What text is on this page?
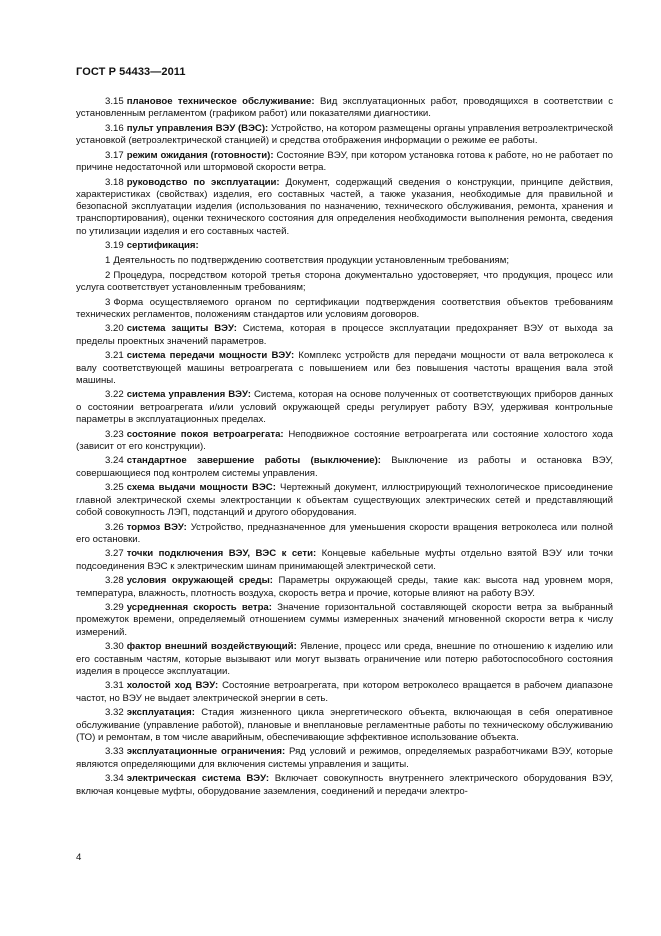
ГОСТ Р 54433—2011

3.15 плановое техническое обслуживание: Вид эксплуатационных работ, проводящихся в соответствии с установленным регламентом (графиком работ) или показателями диагностики.

3.16 пульт управления ВЭУ (ВЭС): Устройство, на котором размещены органы управления ветроэлектрической установкой (ветроэлектрической станцией) и средства отображения информации о режиме ее работы.

3.17 режим ожидания (готовности): Состояние ВЭУ, при котором установка готова к работе, но не работает по причине недостаточной или штормовой скорости ветра.

3.18 руководство по эксплуатации: Документ, содержащий сведения о конструкции, принципе действия, характеристиках (свойствах) изделия, его составных частей, а также указания, необходимые для правильной и безопасной эксплуатации изделия (использования по назначению, технического обслуживания, ремонта, хранения и транспортирования), оценки технического состояния для определения необходимости выполнения ремонта, сведения по утилизации изделия и его составных частей.

3.19 сертификация:

1 Деятельность по подтверждению соответствия продукции установленным требованиям;

2 Процедура, посредством которой третья сторона документально удостоверяет, что продукция, процесс или услуга соответствует установленным требованиям;

3 Форма осуществляемого органом по сертификации подтверждения соответствия объектов требованиям технических регламентов, положениям стандартов или условиям договоров.

3.20 система защиты ВЭУ: Система, которая в процессе эксплуатации предохраняет ВЭУ от выхода за пределы проектных значений параметров.

3.21 система передачи мощности ВЭУ: Комплекс устройств для передачи мощности от вала ветроколеса к валу соответствующей машины ветроагрегата с повышением или без повышения частоты вращения вала этой машины.

3.22 система управления ВЭУ: Система, которая на основе полученных от соответствующих приборов данных о состоянии ветроагрегата и/или условий окружающей среды регулирует работу ВЭУ, удерживая контрольные параметры в эксплуатационных пределах.

3.23 состояние покоя ветроагрегата: Неподвижное состояние ветроагрегата или состояние холостого хода (зависит от его конструкции).

3.24 стандартное завершение работы (выключение): Выключение из работы и остановка ВЭУ, совершающиеся под контролем системы управления.

3.25 схема выдачи мощности ВЭС: Чертежный документ, иллюстрирующий технологическое присоединение главной электрической схемы электростанции к объектам существующих электрических сетей и представляющий собой совокупность ЛЭП, подстанций и другого оборудования.

3.26 тормоз ВЭУ: Устройство, предназначенное для уменьшения скорости вращения ветроколеса или полной его остановки.

3.27 точки подключения ВЭУ, ВЭС к сети: Концевые кабельные муфты отдельно взятой ВЭУ или точки подсоединения ВЭС к электрическим шинам принимающей электрической сети.

3.28 условия окружающей среды: Параметры окружающей среды, такие как: высота над уровнем моря, температура, влажность, плотность воздуха, скорость ветра и прочие, которые влияют на работу ВЭУ.

3.29 усредненная скорость ветра: Значение горизонтальной составляющей скорости ветра за выбранный промежуток времени, определяемый отношением суммы измеренных значений мгновенной скорости ветра к числу измерений.

3.30 фактор внешний воздействующий: Явление, процесс или среда, внешние по отношению к изделию или его составным частям, которые вызывают или могут вызвать ограничение или потерю работоспособного состояния изделия в процессе эксплуатации.

3.31 холостой ход ВЭУ: Состояние ветроагрегата, при котором ветроколесо вращается в рабочем диапазоне частот, но ВЭУ не выдает электрической энергии в сеть.

3.32 эксплуатация: Стадия жизненного цикла энергетического объекта, включающая в себя оперативное обслуживание (управление работой), плановые и внеплановые регламентные работы по техническому обслуживанию (ТО) и ремонтам, в том числе аварийным, обеспечивающие эффективное использование объекта.

3.33 эксплуатационные ограничения: Ряд условий и режимов, определяемых разработчиками ВЭУ, которые являются определяющими для включения системы управления и защиты.

3.34 электрическая система ВЭУ: Включает совокупность внутреннего электрического оборудования ВЭУ, включая концевые муфты, оборудование заземления, соединений и передачи электро-

4
